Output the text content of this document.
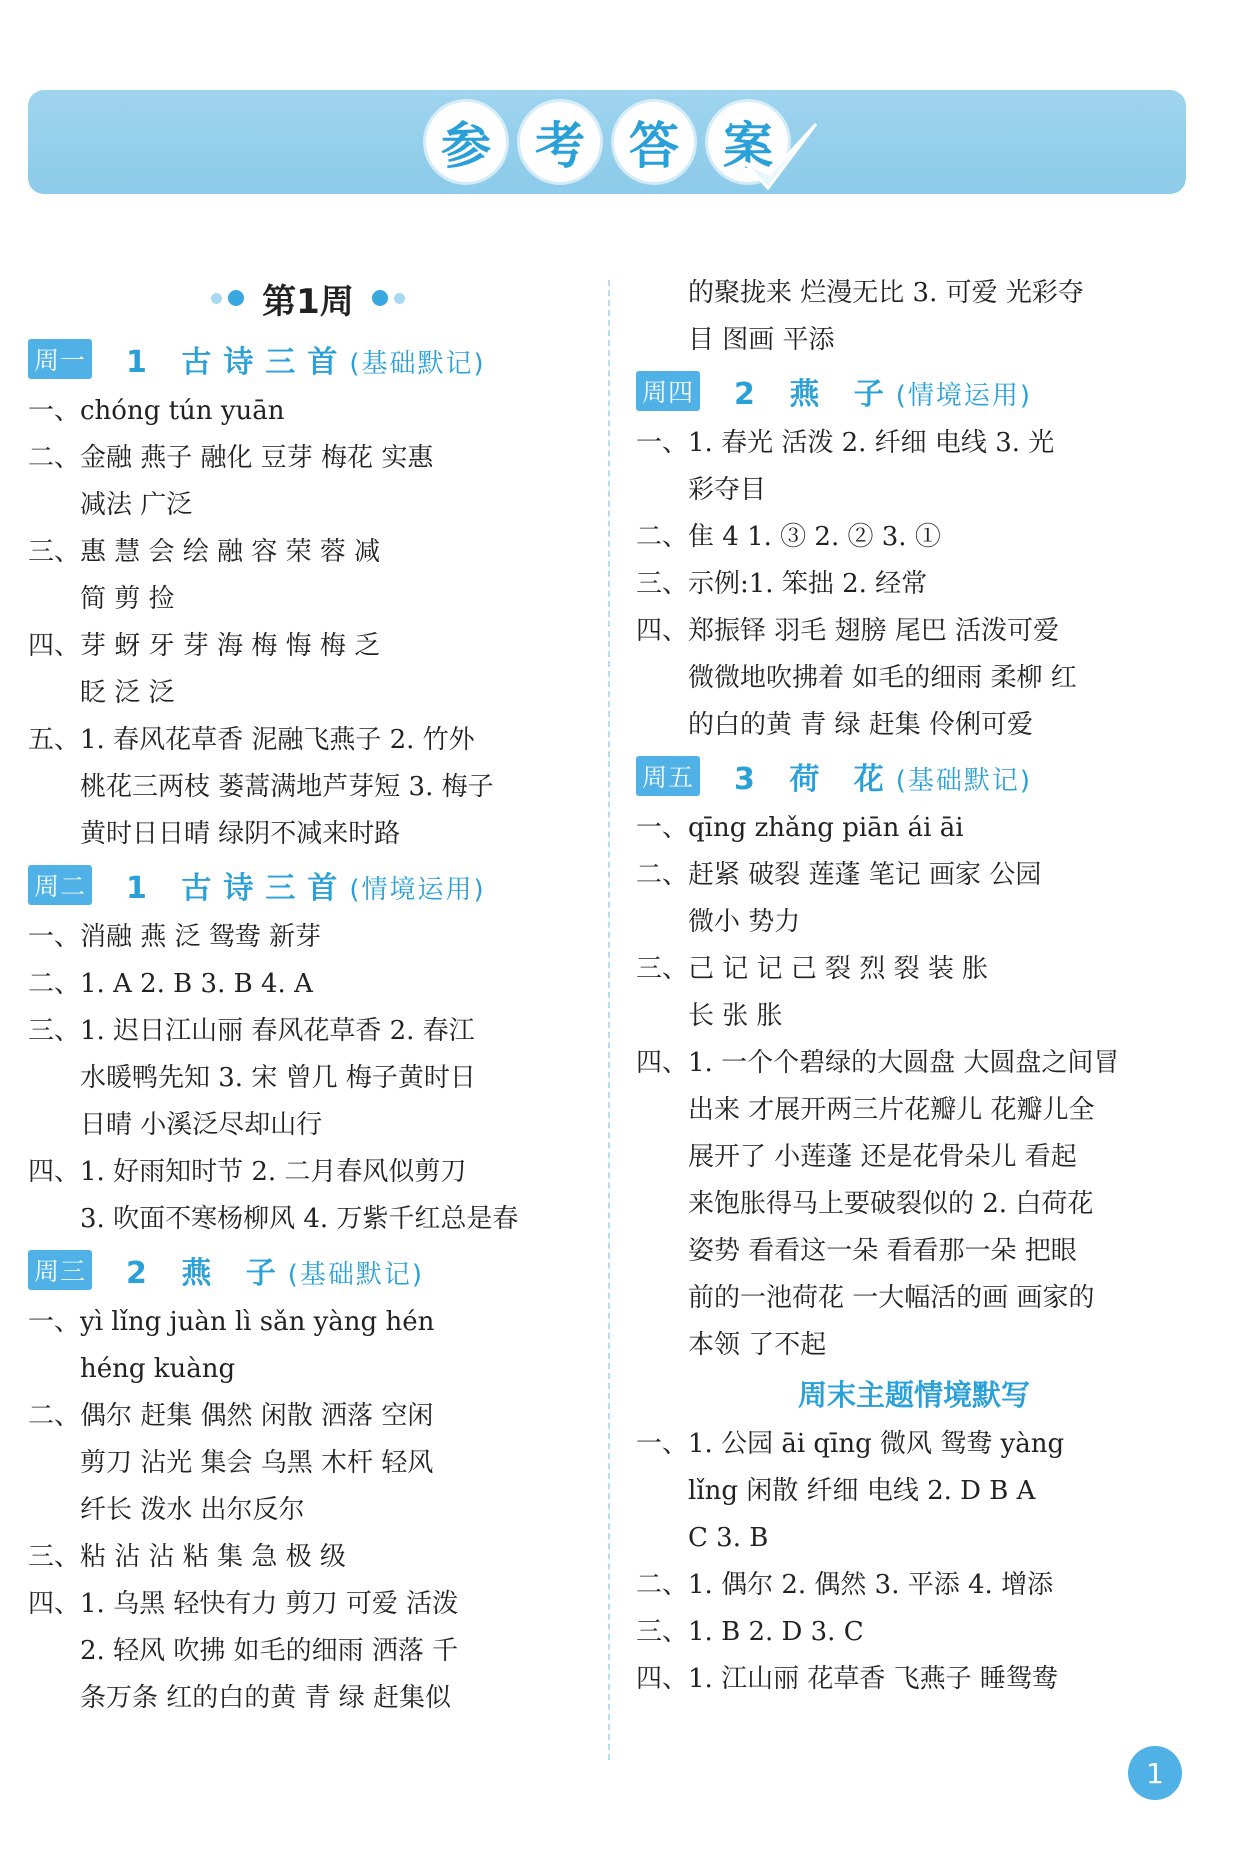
参 考 答 案
第1周
周一 1 古诗三首(基础默记)
一、chóng tún yuān
二、金融 燕子 融化 豆芽 梅花 实惠
减法 广泛
三、惠 慧 会 绘 融 容 荣 蓉 减
简 剪 捡
四、芽 蚜 牙 芽 海 梅 悔 梅 乏
眨 泛 泛
五、1. 春风花草香 泥融飞燕子 2. 竹外
桃花三两枝 蒌蒿满地芦芽短 3. 梅子
黄时日日晴 绿阴不减来时路
周二 1 古诗三首(情境运用)
一、消融 燕 泛 鸳鸯 新芽
二、1. A 2. B 3. B 4. A
三、1. 迟日江山丽 春风花草香 2. 春江
水暖鸭先知 3. 宋 曾几 梅子黄时日
日晴 小溪泛尽却山行
四、1. 好雨知时节 2. 二月春风似剪刀
3. 吹面不寒杨柳风 4. 万紫千红总是春
周三 2 燕 子(基础默记)
一、yì lǐng juàn lì sǎn yàng hén
héng kuàng
二、偶尔 赶集 偶然 闲散 洒落 空闲
剪刀 沾光 集会 乌黑 木杆 轻风
纤长 泼水 出尔反尔
三、粘 沾 沾 粘 集 急 极 级
四、1. 乌黑 轻快有力 剪刀 可爱 活泼
2. 轻风 吹拂 如毛的细雨 洒落 千
条万条 红的白的黄 青 绿 赶集似
的聚拢来 烂漫无比 3. 可爱 光彩夺
目 图画 平添
周四 2 燕 子(情境运用)
一、1. 春光 活泼 2. 纤细 电线 3. 光
彩夺目
二、隹 4 1. ③ 2. ② 3. ①
三、示例:1. 笨拙 2. 经常
四、郑振铎 羽毛 翅膀 尾巴 活泼可爱
微微地吹拂着 如毛的细雨 柔柳 红
的白的黄 青 绿 赶集 伶俐可爱
周五 3 荷 花(基础默记)
一、qīng zhǎng piān ái āi
二、赶紧 破裂 莲蓬 笔记 画家 公园
微小 势力
三、己 记 记 己 裂 烈 裂 装 胀
长 张 胀
四、1. 一个个碧绿的大圆盘 大圆盘之间冒
出来 才展开两三片花瓣儿 花瓣儿全
展开了 小莲蓬 还是花骨朵儿 看起
来饱胀得马上要破裂似的 2. 白荷花
姿势 看看这一朵 看看那一朵 把眼
前的一池荷花 一大幅活的画 画家的
本领 了不起
周末主题情境默写
一、1. 公园 āi qīng 微风 鸳鸯 yàng
lǐng 闲散 纤细 电线 2. D B A
C 3. B
二、1. 偶尔 2. 偶然 3. 平添 4. 增添
三、1. B 2. D 3. C
四、1. 江山丽 花草香 飞燕子 睡鸳鸯
1
